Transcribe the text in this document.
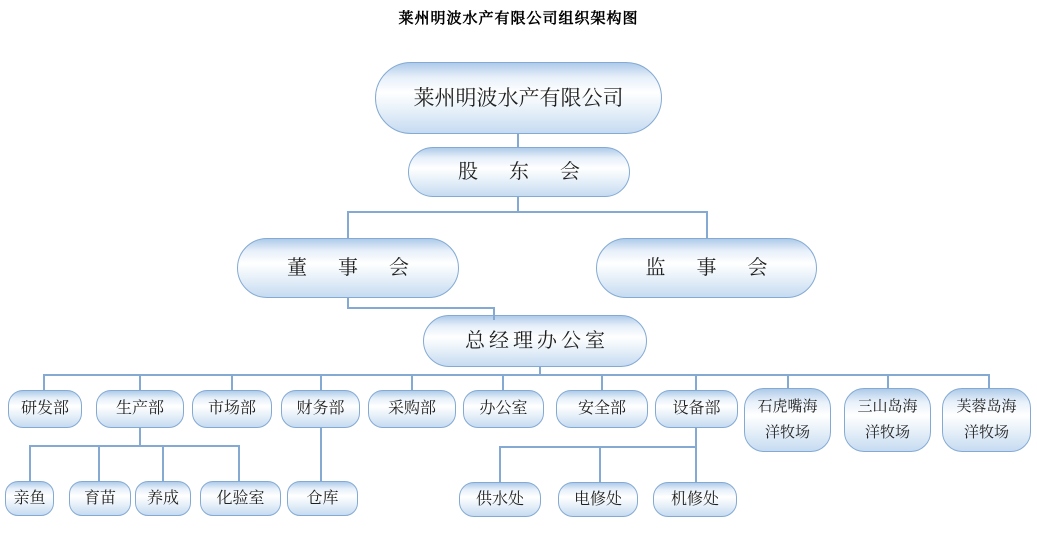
莱州明波水产有限公司组织架构图
莱州明波水产有限公司
股 东 会
董 事 会	监 事 会
总经理办公室
研发部	生产部	市场部	财务部	采购部	办公室	安全部	设备部 石虎嘴海
洋牧场
三山岛海
洋牧场
芙蓉岛海
洋牧场
亲鱼 育苗 养成 化验室	仓库	供水处	电修处	机修处
